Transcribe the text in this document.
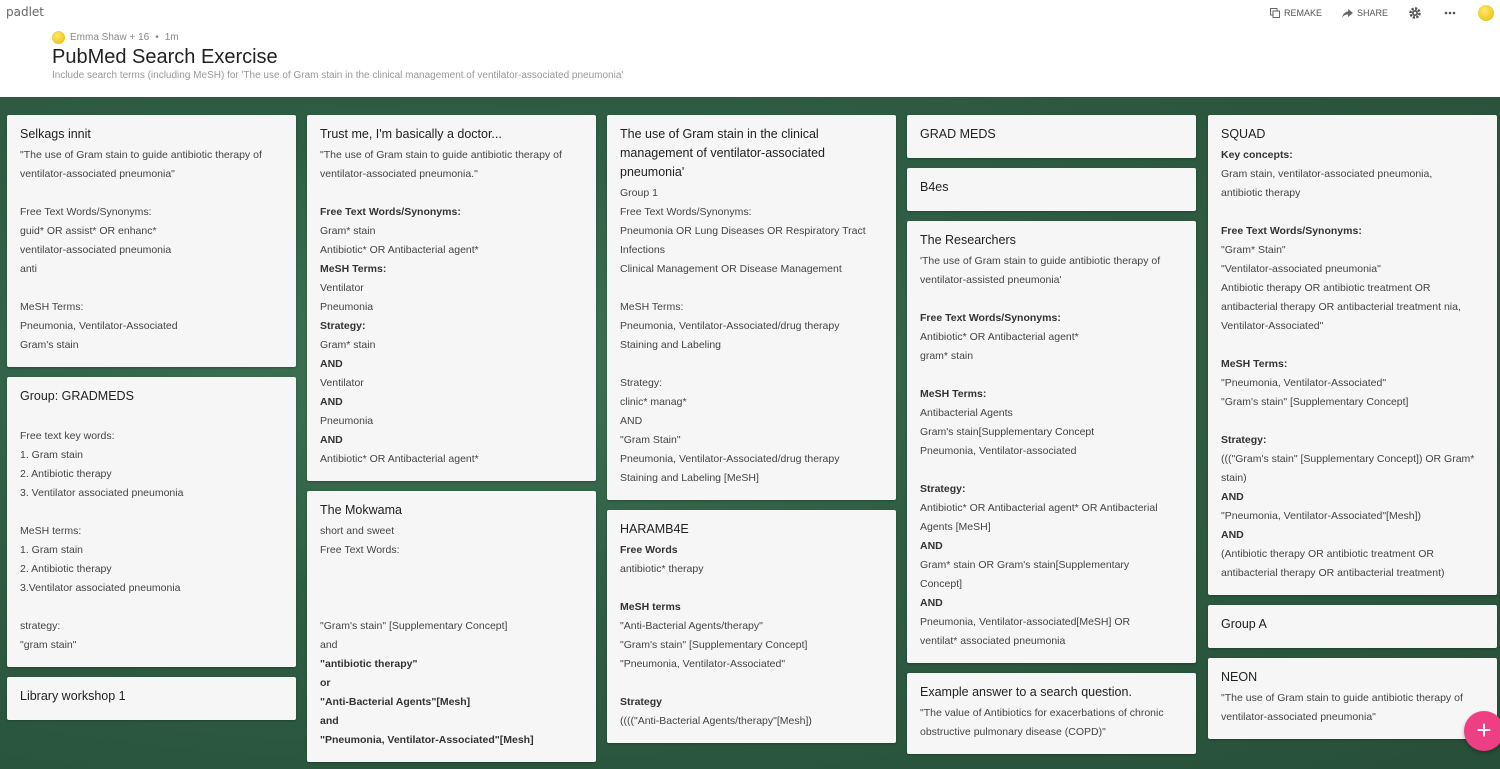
padlet
Emma Shaw + 16 • 1m
PubMed Search Exercise
Include search terms (including MeSH) for 'The use of Gram stain in the clinical management of ventilator-associated pneumonia'
REMAKE	SHARE
Selkags innit
"The use of Gram stain to guide antibiotic therapy of
ventilator-associated pneumonia"
Free Text Words/Synonyms:
guid* OR assist* OR enhanc*
ventilator-associated pneumonia
anti
MeSH Terms:
Pneumonia, Ventilator-Associated
Gram's stain
Group: GRADMEDS
Free text key words:
1. Gram stain
2. Antibiotic therapy
3. Ventilator associated pneumonia
MeSH terms:
1. Gram stain
2. Antibiotic therapy
3.Ventilator associated pneumonia
strategy:
"gram stain"
Library workshop 1
Trust me, I'm basically a doctor...
"The use of Gram stain to guide antibiotic therapy of
ventilator-associated pneumonia."
Free Text Words/Synonyms:
Gram* stain
Antibiotic* OR Antibacterial agent*
MeSH Terms:
Ventilator
Pneumonia
Strategy:
Gram* stain
AND
Ventilator
AND
Pneumonia
AND
Antibiotic* OR Antibacterial agent*
The Mokwama
short and sweet
Free Text Words:
"Gram's stain" [Supplementary Concept]
and
"antibiotic therapy"
or
"Anti-Bacterial Agents"[Mesh]
and
"Pneumonia, Ventilator-Associated"[Mesh]
The use of Gram stain in the clinical management of ventilator-associated pneumonia'
Group 1
Free Text Words/Synonyms:
Pneumonia OR Lung Diseases OR Respiratory Tract
Infections
Clinical Management OR Disease Management
MeSH Terms:
Pneumonia, Ventilator-Associated/drug therapy
Staining and Labeling
Strategy:
clinic* manag*
AND
"Gram Stain"
Pneumonia, Ventilator-Associated/drug therapy
Staining and Labeling [MeSH]
HARAMB4E
Free Words
antibiotic* therapy
MeSH terms
"Anti-Bacterial Agents/therapy"
"Gram's stain" [Supplementary Concept]
"Pneumonia, Ventilator-Associated"
Strategy
(((("Anti-Bacterial Agents/therapy"[Mesh])
GRAD MEDS
B4es
The Researchers
'The use of Gram stain to guide antibiotic therapy of
ventilator-assisted pneumonia'
Free Text Words/Synonyms:
Antibiotic* OR Antibacterial agent*
gram* stain
MeSH Terms:
Antibacterial Agents
Gram's stain[Supplementary Concept
Pneumonia, Ventilator-associated
Strategy:
Antibiotic* OR Antibacterial agent* OR Antibacterial
Agents [MeSH]
AND
Gram* stain OR Gram's stain[Supplementary
Concept]
AND
Pneumonia, Ventilator-associated[MeSH] OR
ventilat* associated pneumonia
Example answer to a search question.
"The value of Antibiotics for exacerbations of chronic
obstructive pulmonary disease (COPD)"
SQUAD
Key concepts:
Gram stain, ventilator-associated pneumonia,
antibiotic therapy
Free Text Words/Synonyms:
"Gram* Stain"
"Ventilator-associated pneumonia"
Antibiotic therapy OR antibiotic treatment OR
antibacterial therapy OR antibacterial treatment nia,
Ventilator-Associated"
MeSH Terms:
"Pneumonia, Ventilator-Associated"
"Gram's stain" [Supplementary Concept]
Strategy:
((("Gram's stain" [Supplementary Concept]) OR Gram*
stain)
AND
"Pneumonia, Ventilator-Associated"[Mesh])
AND
(Antibiotic therapy OR antibiotic treatment OR
antibacterial therapy OR antibacterial treatment)
Group A
NEON
"The use of Gram stain to guide antibiotic therapy of
ventilator-associated pneumonia"	+
